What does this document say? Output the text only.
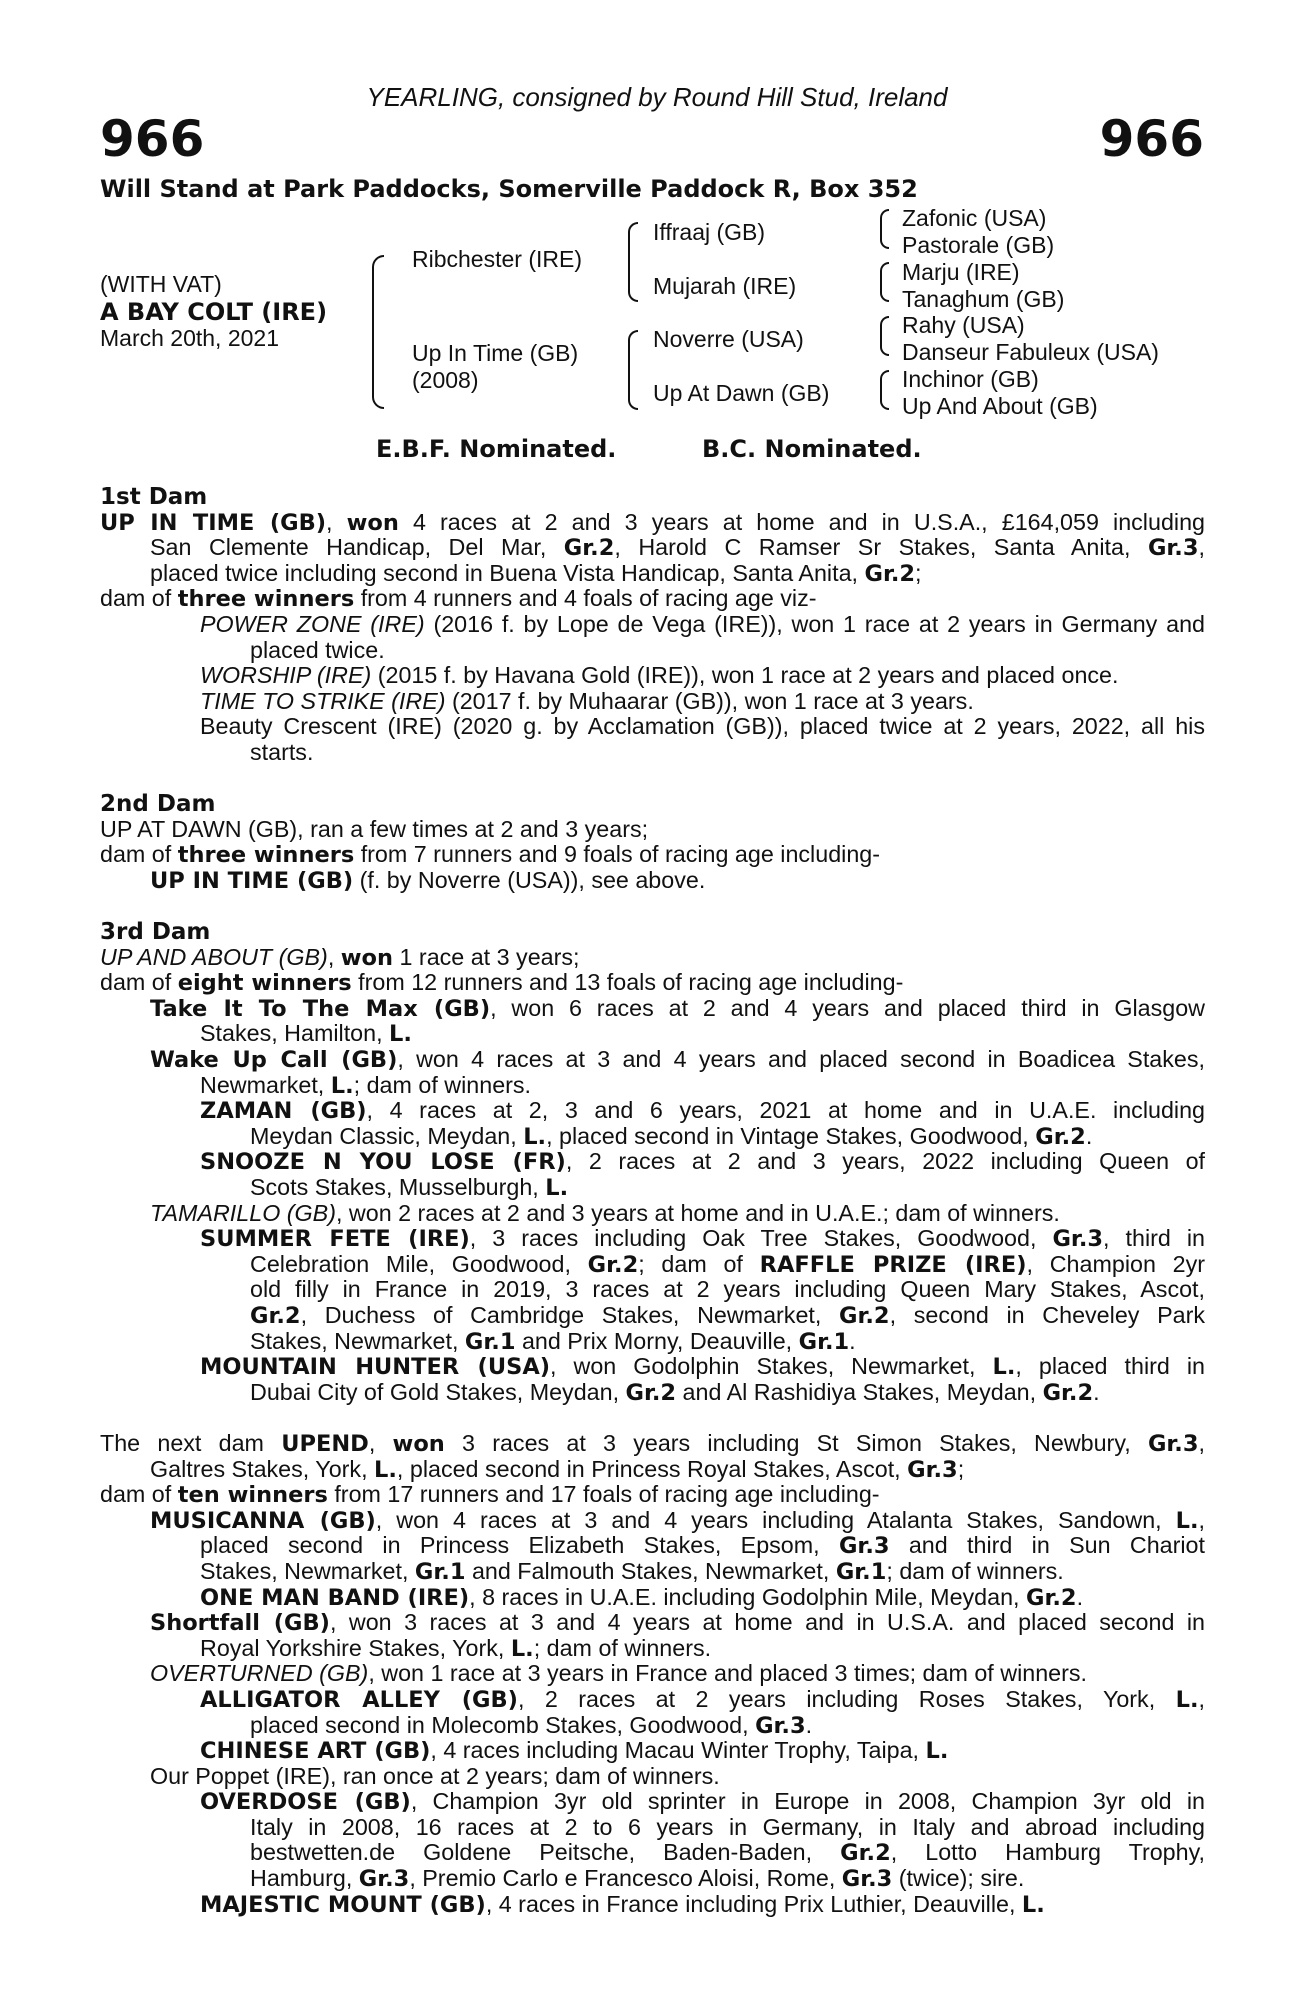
YEARLING, consigned by Round Hill Stud, Ireland
966	966
Will Stand at Park Paddocks, Somerville Paddock R, Box 352
(WITH VAT)
A BAY COLT (IRE)
March 20th, 2021
Ribchester (IRE)
Up In Time (GB)
(2008)
Iffraaj (GB)
Mujarah (IRE)
Noverre (USA)
Up At Dawn (GB)
Zafonic (USA)
Pastorale (GB)
Marju (IRE)
Tanaghum (GB)
Rahy (USA)
Danseur Fabuleux (USA)
Inchinor (GB)
Up And About (GB)
E.B.F. Nominated.	B.C. Nominated.
1st Dam
UP IN TIME (GB), won 4 races at 2 and 3 years at home and in U.S.A., £164,059 including
San Clemente Handicap, Del Mar, Gr.2, Harold C Ramser Sr Stakes, Santa Anita, Gr.3,
placed twice including second in Buena Vista Handicap, Santa Anita, Gr.2;
dam of three winners from 4 runners and 4 foals of racing age viz-
POWER ZONE (IRE) (2016 f. by Lope de Vega (IRE)), won 1 race at 2 years in Germany and
placed twice.
WORSHIP (IRE) (2015 f. by Havana Gold (IRE)), won 1 race at 2 years and placed once.
TIME TO STRIKE (IRE) (2017 f. by Muhaarar (GB)), won 1 race at 3 years.
Beauty Crescent (IRE) (2020 g. by Acclamation (GB)), placed twice at 2 years, 2022, all his
starts.
2nd Dam
UP AT DAWN (GB), ran a few times at 2 and 3 years;
dam of three winners from 7 runners and 9 foals of racing age including-
UP IN TIME (GB) (f. by Noverre (USA)), see above.
3rd Dam
UP AND ABOUT (GB), won 1 race at 3 years;
dam of eight winners from 12 runners and 13 foals of racing age including-
Take It To The Max (GB), won 6 races at 2 and 4 years and placed third in Glasgow
Stakes, Hamilton, L.
Wake Up Call (GB), won 4 races at 3 and 4 years and placed second in Boadicea Stakes,
Newmarket, L.; dam of winners.
ZAMAN (GB), 4 races at 2, 3 and 6 years, 2021 at home and in U.A.E. including
Meydan Classic, Meydan, L., placed second in Vintage Stakes, Goodwood, Gr.2.
SNOOZE N YOU LOSE (FR), 2 races at 2 and 3 years, 2022 including Queen of
Scots Stakes, Musselburgh, L.
TAMARILLO (GB), won 2 races at 2 and 3 years at home and in U.A.E.; dam of winners.
SUMMER FETE (IRE), 3 races including Oak Tree Stakes, Goodwood, Gr.3, third in
Celebration Mile, Goodwood, Gr.2; dam of RAFFLE PRIZE (IRE), Champion 2yr
old filly in France in 2019, 3 races at 2 years including Queen Mary Stakes, Ascot,
Gr.2, Duchess of Cambridge Stakes, Newmarket, Gr.2, second in Cheveley Park
Stakes, Newmarket, Gr.1 and Prix Morny, Deauville, Gr.1.
MOUNTAIN HUNTER (USA), won Godolphin Stakes, Newmarket, L., placed third in
Dubai City of Gold Stakes, Meydan, Gr.2 and Al Rashidiya Stakes, Meydan, Gr.2.
The next dam UPEND, won 3 races at 3 years including St Simon Stakes, Newbury, Gr.3,
Galtres Stakes, York, L., placed second in Princess Royal Stakes, Ascot, Gr.3;
dam of ten winners from 17 runners and 17 foals of racing age including-
MUSICANNA (GB), won 4 races at 3 and 4 years including Atalanta Stakes, Sandown, L.,
placed second in Princess Elizabeth Stakes, Epsom, Gr.3 and third in Sun Chariot
Stakes, Newmarket, Gr.1 and Falmouth Stakes, Newmarket, Gr.1; dam of winners.
ONE MAN BAND (IRE), 8 races in U.A.E. including Godolphin Mile, Meydan, Gr.2.
Shortfall (GB), won 3 races at 3 and 4 years at home and in U.S.A. and placed second in
Royal Yorkshire Stakes, York, L.; dam of winners.
OVERTURNED (GB), won 1 race at 3 years in France and placed 3 times; dam of winners.
ALLIGATOR ALLEY (GB), 2 races at 2 years including Roses Stakes, York, L.,
placed second in Molecomb Stakes, Goodwood, Gr.3.
CHINESE ART (GB), 4 races including Macau Winter Trophy, Taipa, L.
Our Poppet (IRE), ran once at 2 years; dam of winners.
OVERDOSE (GB), Champion 3yr old sprinter in Europe in 2008, Champion 3yr old in
Italy in 2008, 16 races at 2 to 6 years in Germany, in Italy and abroad including
bestwetten.de Goldene Peitsche, Baden-Baden, Gr.2, Lotto Hamburg Trophy,
Hamburg, Gr.3, Premio Carlo e Francesco Aloisi, Rome, Gr.3 (twice); sire.
MAJESTIC MOUNT (GB), 4 races in France including Prix Luthier, Deauville, L.
